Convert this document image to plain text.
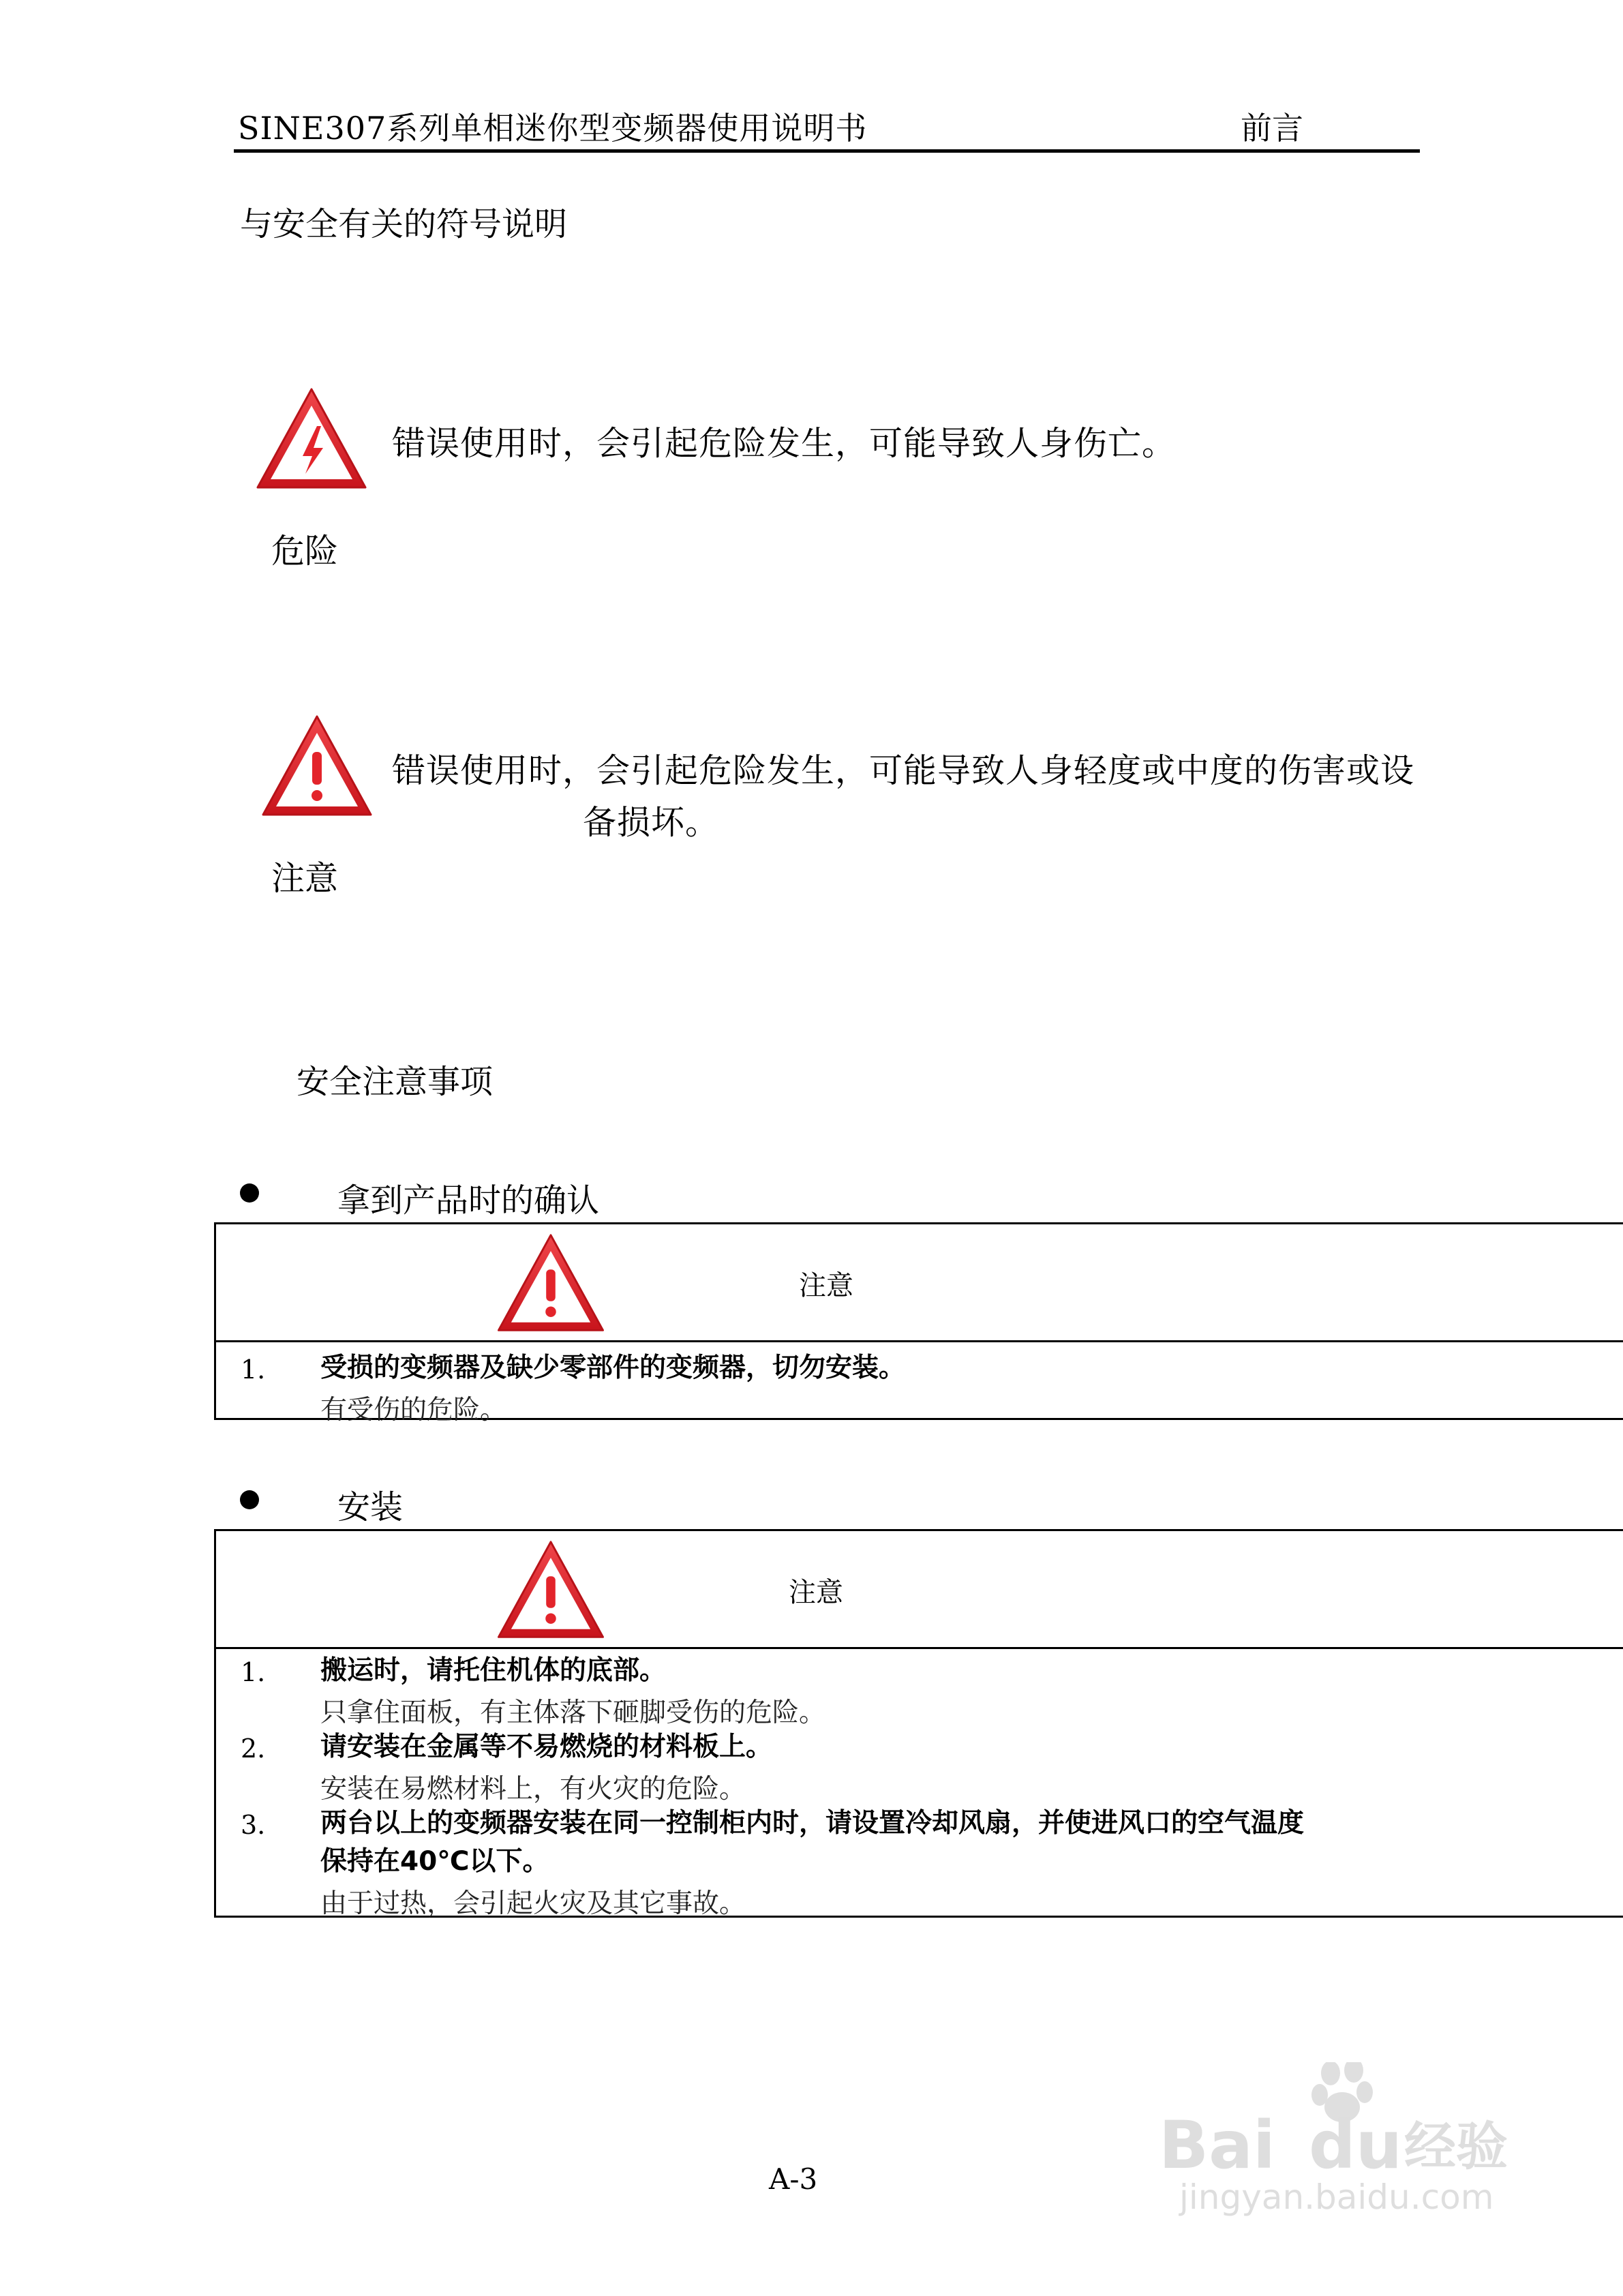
SINE307系列单相迷你型变频器使用说明书	前言
与安全有关的符号说明
错误使用时，会引起危险发生，可能导致人身伤亡。
危险
错误使用时，会引起危险发生，可能导致人身轻度或中度的伤害或设
备损坏。
注意
安全注意事项
拿到产品时的确认
注意
1. 受损的变频器及缺少零部件的变频器，切勿安装。
有受伤的危险。
安装
注意
1. 搬运时，请托住机体的底部。
只拿住面板，有主体落下砸脚受伤的危险。
2. 请安装在金属等不易燃烧的材料板上。
安装在易燃材料上，有火灾的危险。
3. 两台以上的变频器安装在同一控制柜内时，请设置冷却风扇，并使进风口的空气温度
保持在40℃以下。
由于过热，会引起火灾及其它事故。
A-3	Bai du 经验
jingyan.baidu.com
